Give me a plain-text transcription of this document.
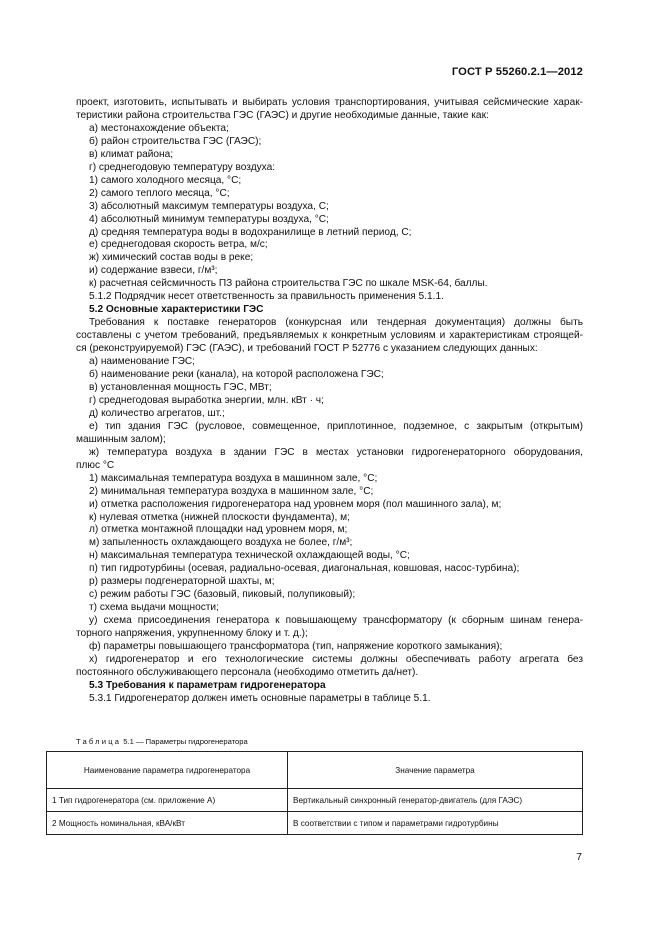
ГОСТ Р 55260.2.1—2012
проект, изготовить, испытывать и выбирать условия транспортирования, учитывая сейсмические харак-
теристики района строительства ГЭС (ГАЭС) и другие необходимые данные, такие как:
а) местонахождение объекта;
б) район строительства ГЭС (ГАЭС);
в) климат района;
г) среднегодовую температуру воздуха:
1) самого холодного месяца, °С;
2) самого теплого месяца, °С;
3) абсолютный максимум температуры воздуха, С;
4) абсолютный минимум температуры воздуха, °С;
д) средняя температура воды в водохранилище в летний период, С;
е) среднегодовая скорость ветра, м/с;
ж) химический состав воды в реке;
и) содержание взвеси, г/м³;
к) расчетная сейсмичность ПЗ района строительства ГЭС по шкале MSK-64, баллы.
5.1.2 Подрядчик несет ответственность за правильность применения 5.1.1.
5.2 Основные характеристики ГЭС
Требования к поставке генераторов (конкурсная или тендерная документация) должны быть
составлены с учетом требований, предъявляемых к конкретным условиям и характеристикам строящей-
ся (реконструируемой) ГЭС (ГАЭС), и требований ГОСТ Р 52776 с указанием следующих данных:
а) наименование ГЭС;
б) наименование реки (канала), на которой расположена ГЭС;
в) установленная мощность ГЭС, МВт;
г) среднегодовая выработка энергии, млн. кВт · ч;
д) количество агрегатов, шт.;
е) тип здания ГЭС (русловое, совмещенное, приплотинное, подземное, с закрытым (открытым)
машинным залом);
ж) температура воздуха в здании ГЭС в местах установки гидрогенераторного оборудования,
плюс °С
1) максимальная температура воздуха в машинном зале, °С;
2) минимальная температура воздуха в машинном зале, °С;
и) отметка расположения гидрогенератора над уровнем моря (пол машинного зала), м;
к) нулевая отметка (нижней плоскости фундамента), м;
л) отметка монтажной площадки над уровнем моря, м;
м) запыленность охлаждающего воздуха не более, г/м³;
н) максимальная температура технической охлаждающей воды, °С;
п) тип гидротурбины (осевая, радиально-осевая, диагональная, ковшовая, насос-турбина);
р) размеры подгенераторной шахты, м;
с) режим работы ГЭС (базовый, пиковый, полупиковый);
т) схема выдачи мощности;
у) схема присоединения генератора к повышающему трансформатору (к сборным шинам генера-
торного напряжения, укрупненному блоку и т. д.);
ф) параметры повышающего трансформатора (тип, напряжение короткого замыкания);
х) гидрогенератор и его технологические системы должны обеспечивать работу агрегата без
постоянного обслуживающего персонала (необходимо отметить да/нет).
5.3 Требования к параметрам гидрогенератора
5.3.1 Гидрогенератор должен иметь основные параметры в таблице 5.1.
Таблица 5.1 — Параметры гидрогенератора
Наименование параметра гидрогенератора	Значение параметра
1 Тип гидрогенератора (см. приложение А)	Вертикальный синхронный генератор-двигатель (для ГАЭС)
2 Мощность номинальная, кВА/кВт	В соответствии с типом и параметрами гидротурбины
7
